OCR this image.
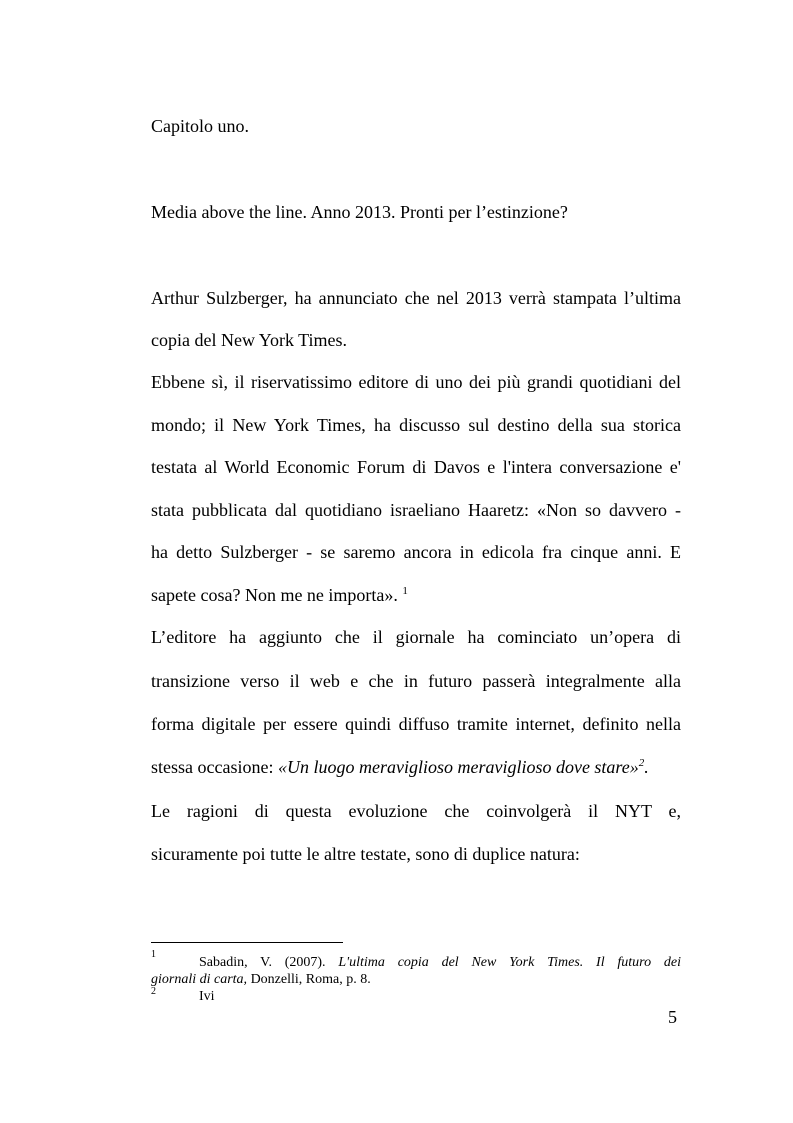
Capitolo uno.
Media above the line. Anno 2013. Pronti per l’estinzione?
Arthur Sulzberger, ha annunciato che nel 2013 verrà stampata l’ultima
copia del New York Times.
Ebbene sì, il riservatissimo editore di uno dei più grandi quotidiani del
mondo; il New York Times, ha discusso sul destino della sua storica
testata al World Economic Forum di Davos e l'intera conversazione e'
stata pubblicata dal quotidiano israeliano Haaretz: «Non so davvero -
ha detto Sulzberger - se saremo ancora in edicola fra cinque anni. E
sapete cosa? Non me ne importa». $^1$
L’editore ha aggiunto che il giornale ha cominciato un’opera di
transizione verso il web e che in futuro passerà integralmente alla
forma digitale per essere quindi diffuso tramite internet, definito nella
stessa occasione: «Un luogo meraviglioso meraviglioso dove stare»$^2$.
Le ragioni di questa evoluzione che coinvolgerà il NYT e,
sicuramente poi tutte le altre testate, sono di duplice natura:
1
Sabadin, V. (2007). L'ultima copia del New York Times. Il futuro dei
giornali di carta, Donzelli, Roma, p. 8.
2	Ivi
5
